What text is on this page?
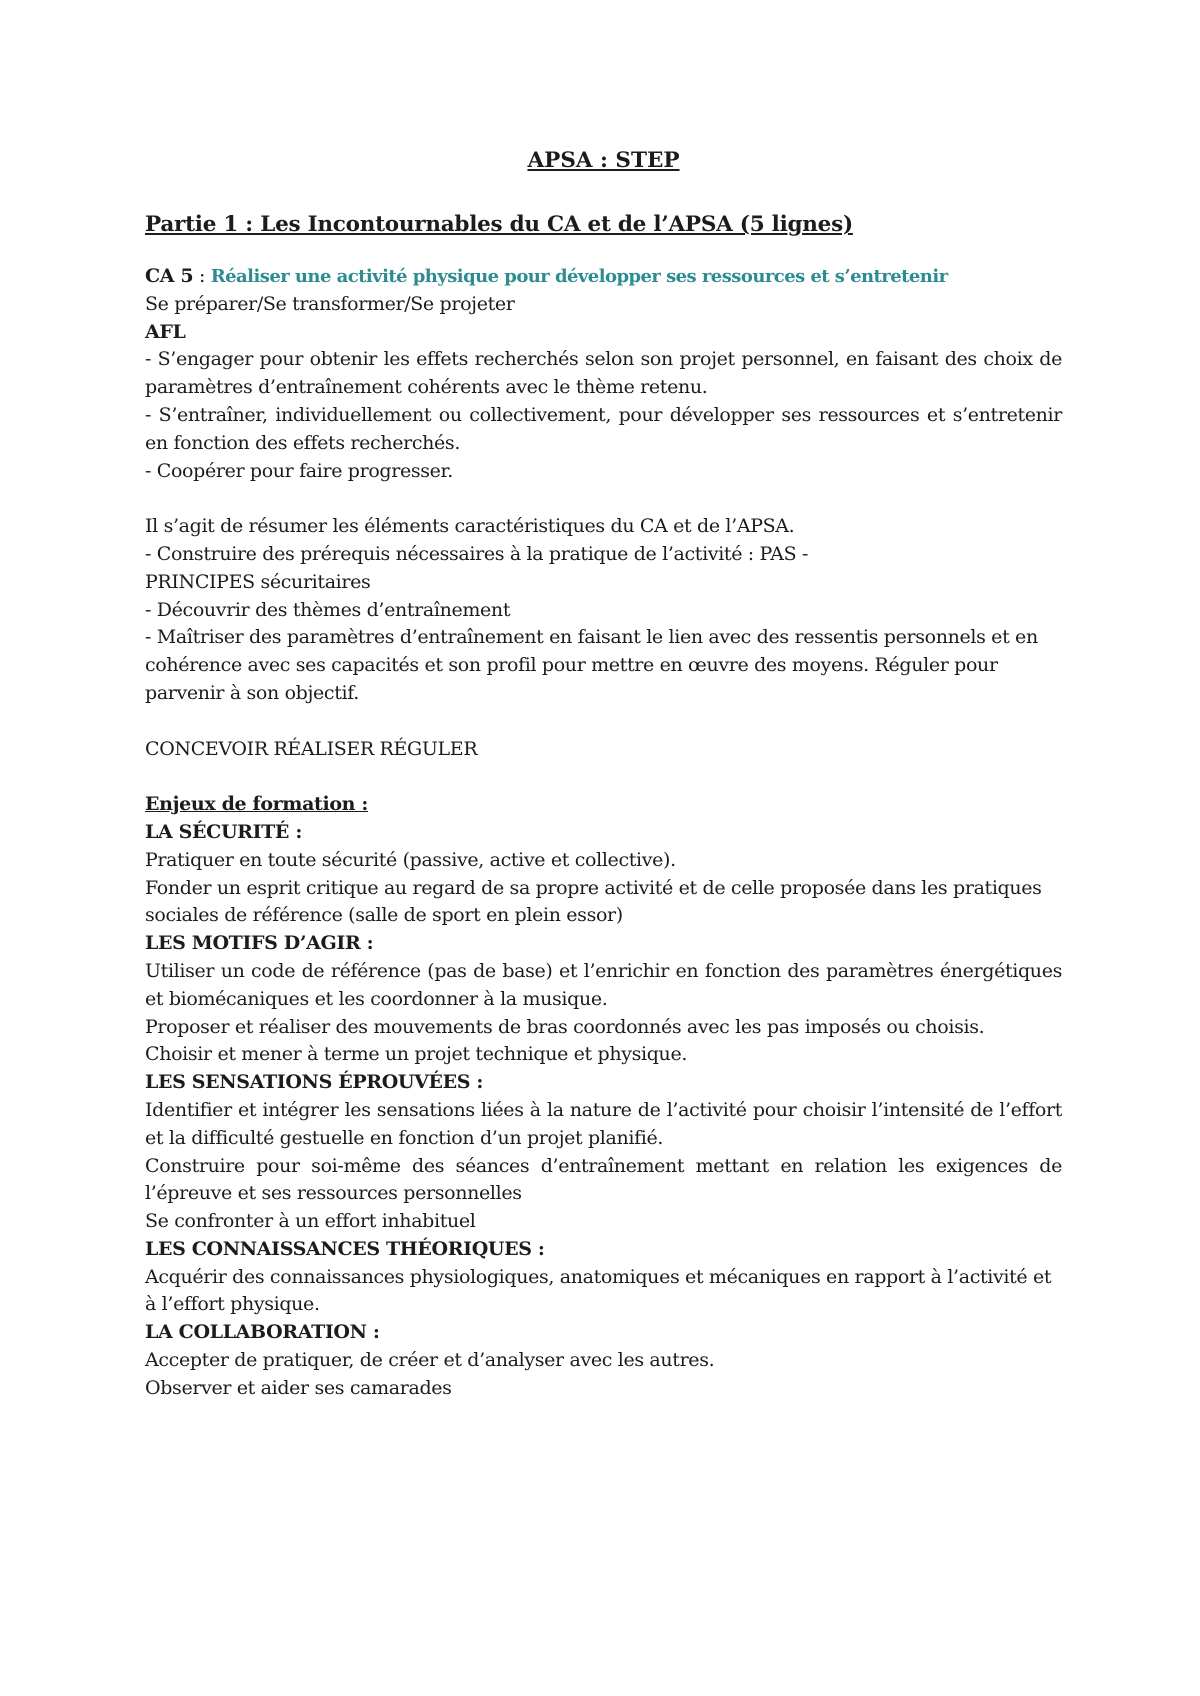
APSA : STEP

Partie 1 : Les Incontournables du CA et de l’APSA (5 lignes)

CA 5 : Réaliser une activité physique pour développer ses ressources et s’entretenir

Se préparer/Se transformer/Se projeter

AFL

- S’engager pour obtenir les effets recherchés selon son projet personnel, en faisant des choix de paramètres d’entraînement cohérents avec le thème retenu.

- S’entraîner, individuellement ou collectivement, pour développer ses ressources et s’entretenir en fonction des effets recherchés.

- Coopérer pour faire progresser.

Il s’agit de résumer les éléments caractéristiques du CA et de l’APSA.

- Construire des prérequis nécessaires à la pratique de l’activité : PAS - PRINCIPES sécuritaires

- Découvrir des thèmes d’entraînement

- Maîtriser des paramètres d’entraînement en faisant le lien avec des ressentis personnels et en cohérence avec ses capacités et son profil pour mettre en œuvre des moyens. Réguler pour parvenir à son objectif.

CONCEVOIR RÉALISER RÉGULER

Enjeux de formation :

LA SÉCURITÉ :

Pratiquer en toute sécurité (passive, active et collective).

Fonder un esprit critique au regard de sa propre activité et de celle proposée dans les pratiques sociales de référence (salle de sport en plein essor)

LES MOTIFS D’AGIR :

Utiliser un code de référence (pas de base) et l’enrichir en fonction des paramètres énergétiques et biomécaniques et les coordonner à la musique.

Proposer et réaliser des mouvements de bras coordonnés avec les pas imposés ou choisis.

Choisir et mener à terme un projet technique et physique.

LES SENSATIONS ÉPROUVÉES :

Identifier et intégrer les sensations liées à la nature de l’activité pour choisir l’intensité de l’effort et la difficulté gestuelle en fonction d’un projet planifié.

Construire pour soi-même des séances d’entraînement mettant en relation les exigences de l’épreuve et ses ressources personnelles

Se confronter à un effort inhabituel

LES CONNAISSANCES THÉORIQUES :

Acquérir des connaissances physiologiques, anatomiques et mécaniques en rapport à l’activité et à l’effort physique.

LA COLLABORATION :

Accepter de pratiquer, de créer et d’analyser avec les autres.

Observer et aider ses camarades
